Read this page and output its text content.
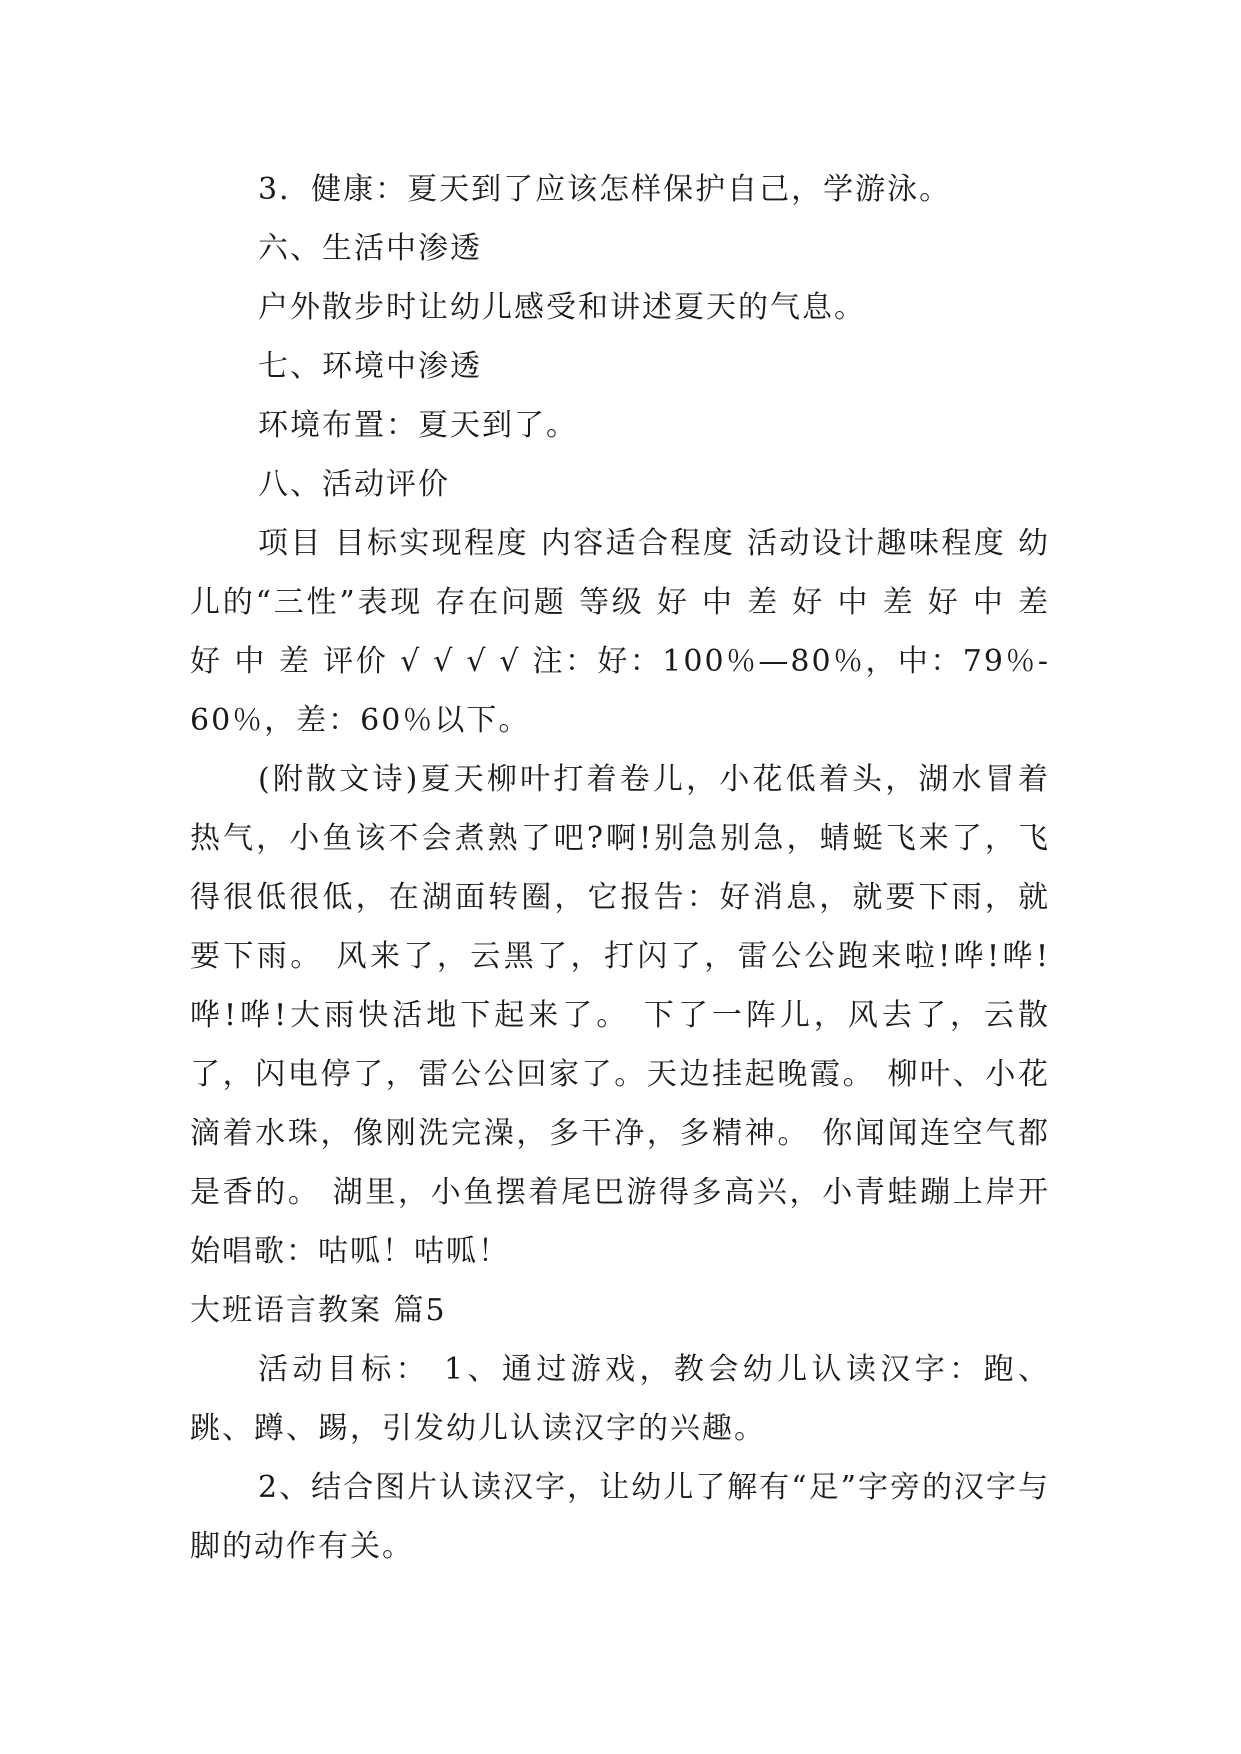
3．健康：夏天到了应该怎样保护自己，学游泳。

六、生活中渗透

户外散步时让幼儿感受和讲述夏天的气息。

七、环境中渗透

环境布置：夏天到了。

八、活动评价

项目 目标实现程度 内容适合程度 活动设计趣味程度 幼儿的“三性”表现 存在问题 等级 好 中 差 好 中 差 好 中 差 好 中 差 评价 √ √ √ √ 注：好：100％—80％，中：79％-60％，差：60％以下。

(附散文诗)夏天柳叶打着卷儿，小花低着头，湖水冒着热气，小鱼该不会煮熟了吧?啊!别急别急，蜻蜓飞来了，飞得很低很低，在湖面转圈，它报告：好消息，就要下雨，就要下雨。 风来了，云黑了，打闪了，雷公公跑来啦!哗!哗!哗!哗!大雨快活地下起来了。 下了一阵儿，风去了，云散了，闪电停了，雷公公回家了。天边挂起晚霞。 柳叶、小花滴着水珠，像刚洗完澡，多干净，多精神。 你闻闻连空气都是香的。 湖里，小鱼摆着尾巴游得多高兴，小青蛙蹦上岸开始唱歌：咕呱！咕呱！

大班语言教案 篇5

活动目标： 1、通过游戏，教会幼儿认读汉字：跑、跳、蹲、踢，引发幼儿认读汉字的兴趣。

2、结合图片认读汉字，让幼儿了解有“足”字旁的汉字与脚的动作有关。
